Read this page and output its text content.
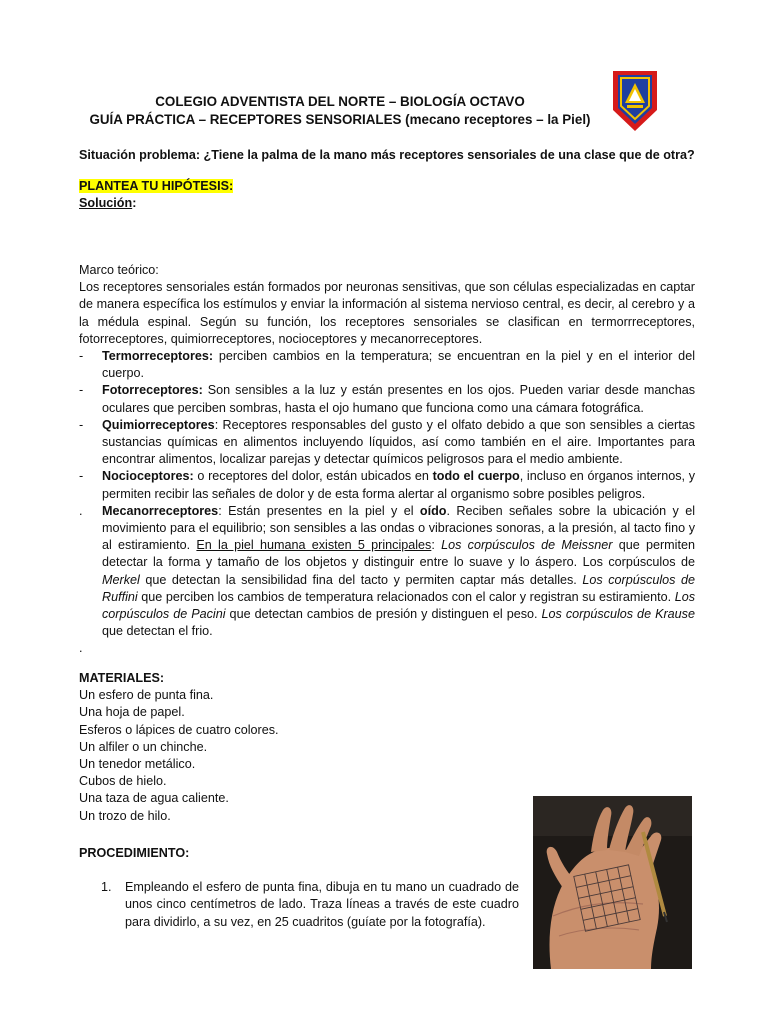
COLEGIO ADVENTISTA DEL NORTE – BIOLOGÍA OCTAVO
GUÍA PRÁCTICA – RECEPTORES SENSORIALES (mecano receptores – la Piel)
Situación problema: ¿Tiene la palma de la mano más receptores sensoriales de una clase que de otra?
PLANTEA TU HIPÓTESIS:
Solución:
Marco teórico:
Los receptores sensoriales están formados por neuronas sensitivas, que son células especializadas en captar de manera específica los estímulos y enviar la información al sistema nervioso central, es decir, al cerebro y a la médula espinal. Según su función, los receptores sensoriales se clasifican en termorrreceptores, fotorreceptores, quimiorreceptores, nocioceptores y mecanorreceptores.
- Termorreceptores: perciben cambios en la temperatura; se encuentran en la piel y en el interior del cuerpo.
- Fotorreceptores: Son sensibles a la luz y están presentes en los ojos. Pueden variar desde manchas oculares que perciben sombras, hasta el ojo humano que funciona como una cámara fotográfica.
- Quimiorreceptores: Receptores responsables del gusto y el olfato debido a que son sensibles a ciertas sustancias químicas en alimentos incluyendo líquidos, así como también en el aire. Importantes para encontrar alimentos, localizar parejas y detectar químicos peligrosos para el medio ambiente.
- Nocioceptores: o receptores del dolor, están ubicados en todo el cuerpo, incluso en órganos internos, y permiten recibir las señales de dolor y de esta forma alertar al organismo sobre posibles peligros.
. Mecanorreceptores: Están presentes en la piel y el oído. Reciben señales sobre la ubicación y el movimiento para el equilibrio; son sensibles a las ondas o vibraciones sonoras, a la presión, al tacto fino y al estiramiento. En la piel humana existen 5 principales: Los corpúsculos de Meissner que permiten detectar la forma y tamaño de los objetos y distinguir entre lo suave y lo áspero. Los corpúsculos de Merkel que detectan la sensibilidad fina del tacto y permiten captar más detalles. Los corpúsculos de Ruffini que perciben los cambios de temperatura relacionados con el calor y registran su estiramiento. Los corpúsculos de Pacini que detectan cambios de presión y distinguen el peso. Los corpúsculos de Krause que detectan el frio.
.
MATERIALES:
Un esfero de punta fina.
Una hoja de papel.
Esferos o lápices de cuatro colores.
Un alfiler o un chinche.
Un tenedor metálico.
Cubos de hielo.
Una taza de agua caliente.
Un trozo de hilo.
PROCEDIMIENTO:
1. Empleando el esfero de punta fina, dibuja en tu mano un cuadrado de unos cinco centímetros de lado. Traza líneas a través de este cuadro para dividirlo, a su vez, en 25 cuadritos (guíate por la fotografía).
